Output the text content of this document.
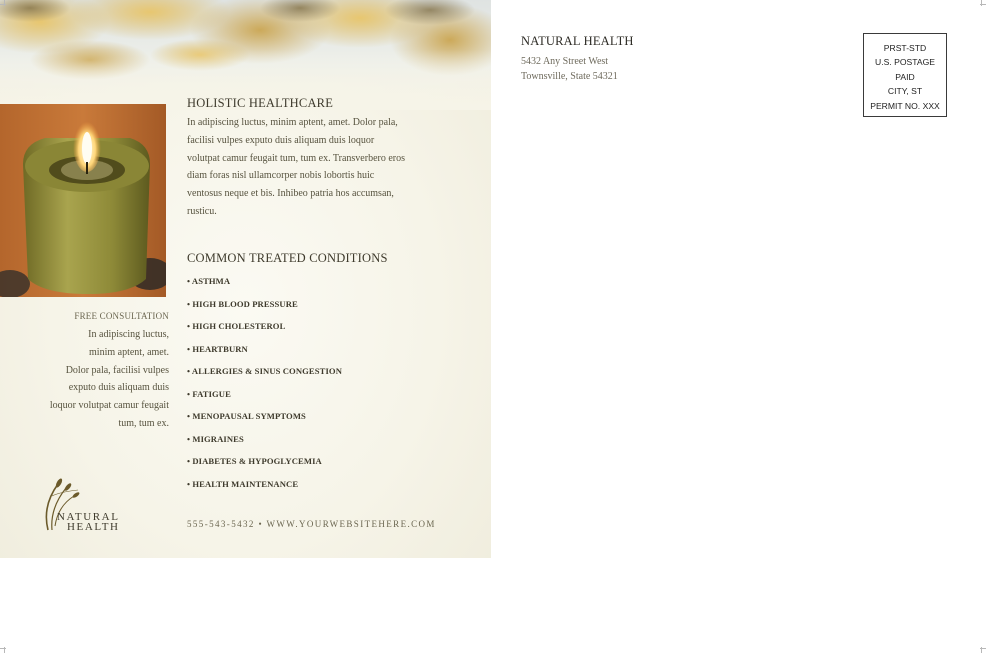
HOLISTIC HEALTHCARE
In adipiscing luctus, minim aptent, amet. Dolor pala,
facilisi vulpes exputo duis aliquam duis loquor
volutpat camur feugait tum, tum ex. Transverbero eros
diam foras nisl ullamcorper nobis lobortis huic
ventosus neque et bis. Inhibeo patria hos accumsan,
rusticu.
COMMON TREATED CONDITIONS
• ASTHMA
• HIGH BLOOD PRESSURE
• HIGH CHOLESTEROL
• HEARTBURN
• ALLERGIES & SINUS CONGESTION
• FATIGUE
• MENOPAUSAL SYMPTOMS
• MIGRAINES
• DIABETES & HYPOGLYCEMIA
• HEALTH MAINTENANCE
FREE CONSULTATION
In adipiscing luctus,
minim aptent, amet.
Dolor pala, facilisi vulpes
exputo duis aliquam duis
loquor volutpat camur feugait
tum, tum ex.
NATURAL
HEALTH	555-543-5432 • WWW.YOURWEBSITEHERE.COM
NATURAL HEALTH
5432 Any Street West
Townsville, State 54321
PRST-STD
U.S. POSTAGE
PAID
CITY, ST
PERMIT NO. XXX
